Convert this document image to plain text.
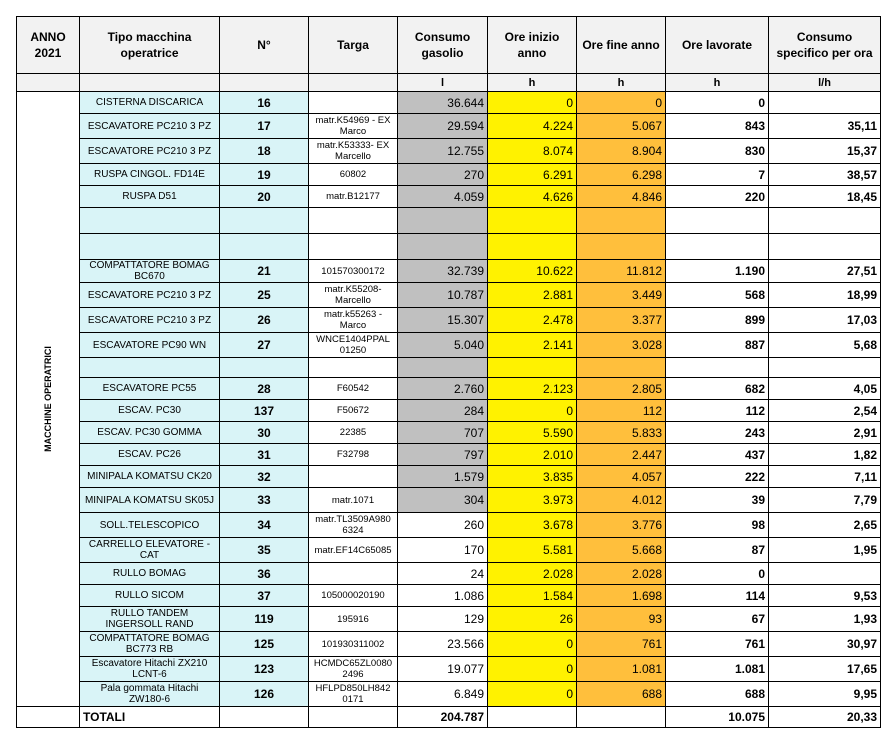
ANNO 2021	Tipo macchina operatrice	N°	Targa	Consumo gasolio	Ore inizio anno	Ore fine anno	Ore lavorate	Consumo specifico per ora
				l	h	h	h	l/h

MACCHINE OPERATRICI	CISTERNA DISCARICA	16		36.644	0	0	0	
	ESCAVATORE PC210 3 PZ	17	matr.K54969 - EX Marco	29.594	4.224	5.067	843	35,11
	ESCAVATORE PC210 3 PZ	18	matr.K53333- EX Marcello	12.755	8.074	8.904	830	15,37
	RUSPA CINGOL. FD14E	19	60802	270	6.291	6.298	7	38,57
	RUSPA D51	20	matr.B12177	4.059	4.626	4.846	220	18,45

	COMPATTATORE BOMAG BC670	21	101570300172	32.739	10.622	11.812	1.190	27,51
	ESCAVATORE PC210 3 PZ	25	matr.K55208- Marcello	10.787	2.881	3.449	568	18,99
	ESCAVATORE PC210 3 PZ	26	matr.k55263 - Marco	15.307	2.478	3.377	899	17,03
	ESCAVATORE PC90 WN	27	WNCE1404PPAL 01250	5.040	2.141	3.028	887	5,68

	ESCAVATORE PC55	28	F60542	2.760	2.123	2.805	682	4,05
	ESCAV. PC30	137	F50672	284	0	112	112	2,54
	ESCAV. PC30 GOMMA	30	22385	707	5.590	5.833	243	2,91
	ESCAV. PC26	31	F32798	797	2.010	2.447	437	1,82
	MINIPALA KOMATSU CK20	32		1.579	3.835	4.057	222	7,11
	MINIPALA KOMATSU SK05J	33	matr.1071	304	3.973	4.012	39	7,79
	SOLL.TELESCOPICO	34	matr.TL3509A980 6324	260	3.678	3.776	98	2,65
	CARRELLO ELEVATORE - CAT	35	matr.EF14C65085	170	5.581	5.668	87	1,95
	RULLO BOMAG	36		24	2.028	2.028	0	
	RULLO SICOM	37	105000020190	1.086	1.584	1.698	114	9,53
	RULLO TANDEM INGERSOLL RAND	119	195916	129	26	93	67	1,93
	COMPATTATORE BOMAG BC773 RB	125	101930311002	23.566	0	761	761	30,97
	Escavatore Hitachi ZX210 LCNT-6	123	HCMDC65ZL0080 2496	19.077	0	1.081	1.081	17,65
	Pala gommata Hitachi ZW180-6	126	HFLPD850LH842 0171	6.849	0	688	688	9,95
	TOTALI			204.787			10.075	20,33
